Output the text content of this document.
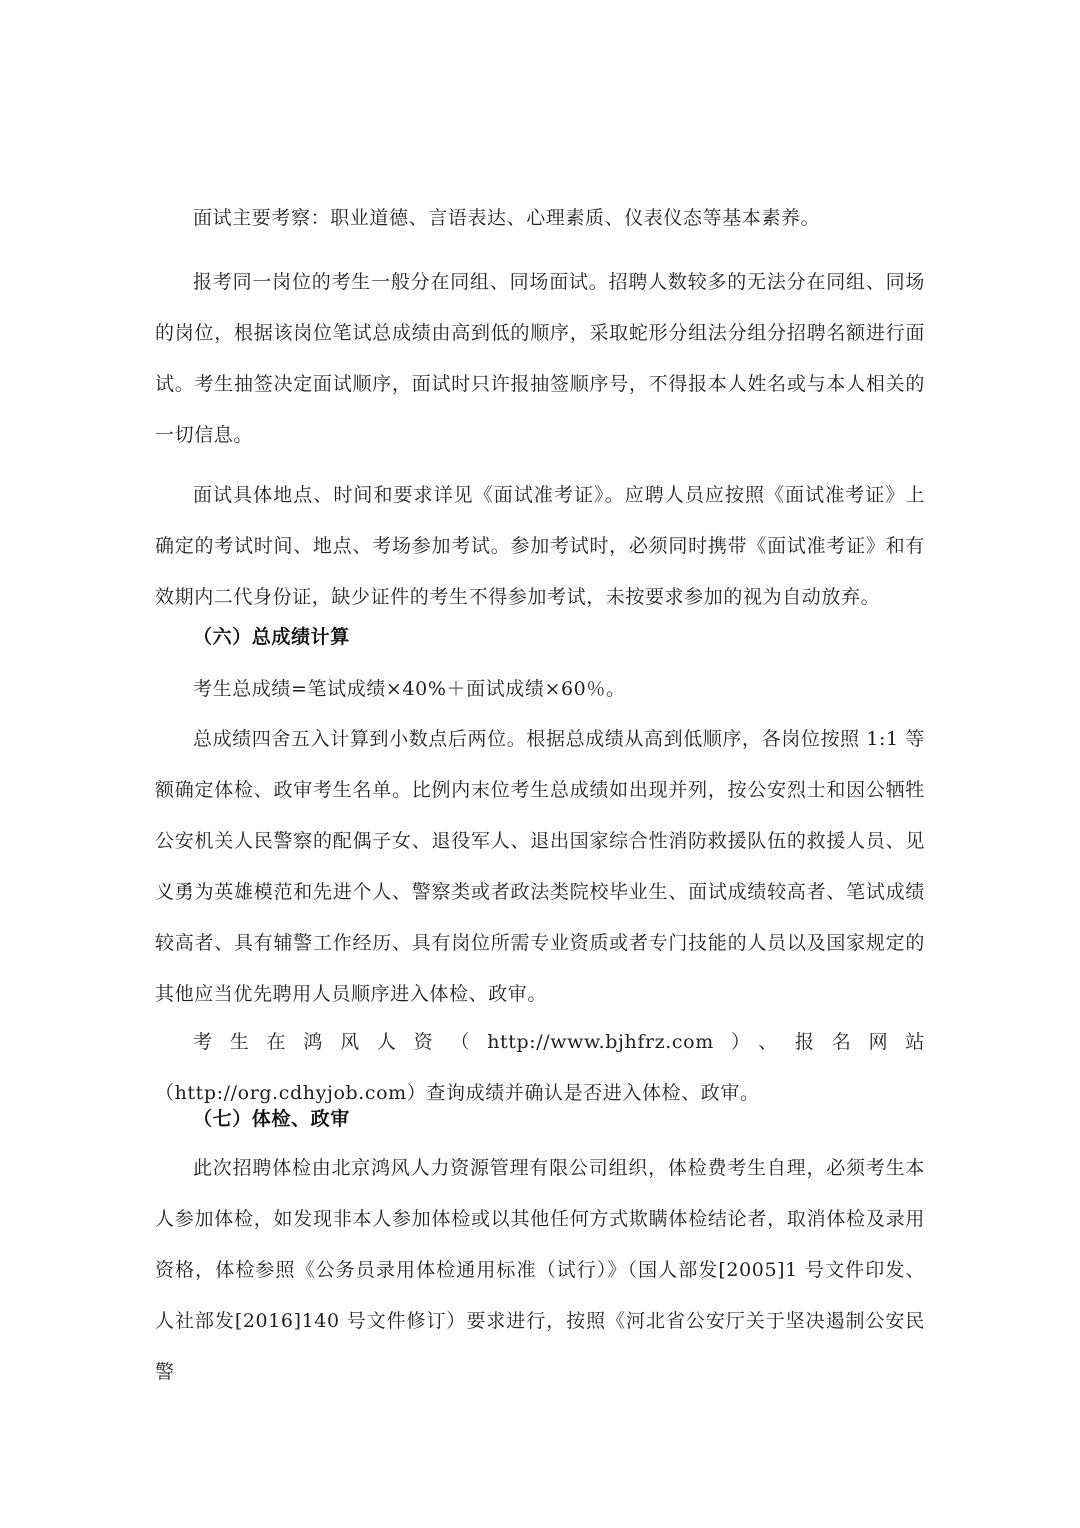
面试主要考察：职业道德、言语表达、心理素质、仪表仪态等基本素养。

报考同一岗位的考生一般分在同组、同场面试。招聘人数较多的无法分在同组、同场的岗位，根据该岗位笔试总成绩由高到低的顺序，采取蛇形分组法分组分招聘名额进行面试。考生抽签决定面试顺序，面试时只许报抽签顺序号，不得报本人姓名或与本人相关的一切信息。

面试具体地点、时间和要求详见《面试准考证》。应聘人员应按照《面试准考证》上确定的考试时间、地点、考场参加考试。参加考试时，必须同时携带《面试准考证》和有效期内二代身份证，缺少证件的考生不得参加考试，未按要求参加的视为自动放弃。

（六）总成绩计算

考生总成绩=笔试成绩×40%＋面试成绩×60％。

总成绩四舍五入计算到小数点后两位。根据总成绩从高到低顺序，各岗位按照 1:1 等额确定体检、政审考生名单。比例内末位考生总成绩如出现并列，按公安烈士和因公牺牲公安机关人民警察的配偶子女、退役军人、退出国家综合性消防救援队伍的救援人员、见义勇为英雄模范和先进个人、警察类或者政法类院校毕业生、面试成绩较高者、笔试成绩较高者、具有辅警工作经历、具有岗位所需专业资质或者专门技能的人员以及国家规定的其他应当优先聘用人员顺序进入体检、政审。

考生在鸿风人资（http://www.bjhfrz.com）、报名网站（http://org.cdhyjob.com）查询成绩并确认是否进入体检、政审。

（七）体检、政审

此次招聘体检由北京鸿风人力资源管理有限公司组织，体检费考生自理，必须考生本人参加体检，如发现非本人参加体检或以其他任何方式欺瞒体检结论者，取消体检及录用资格，体检参照《公务员录用体检通用标准（试行）》（国人部发[2005]1 号文件印发、人社部发[2016]140 号文件修订）要求进行，按照《河北省公安厅关于坚决遏制公安民警
